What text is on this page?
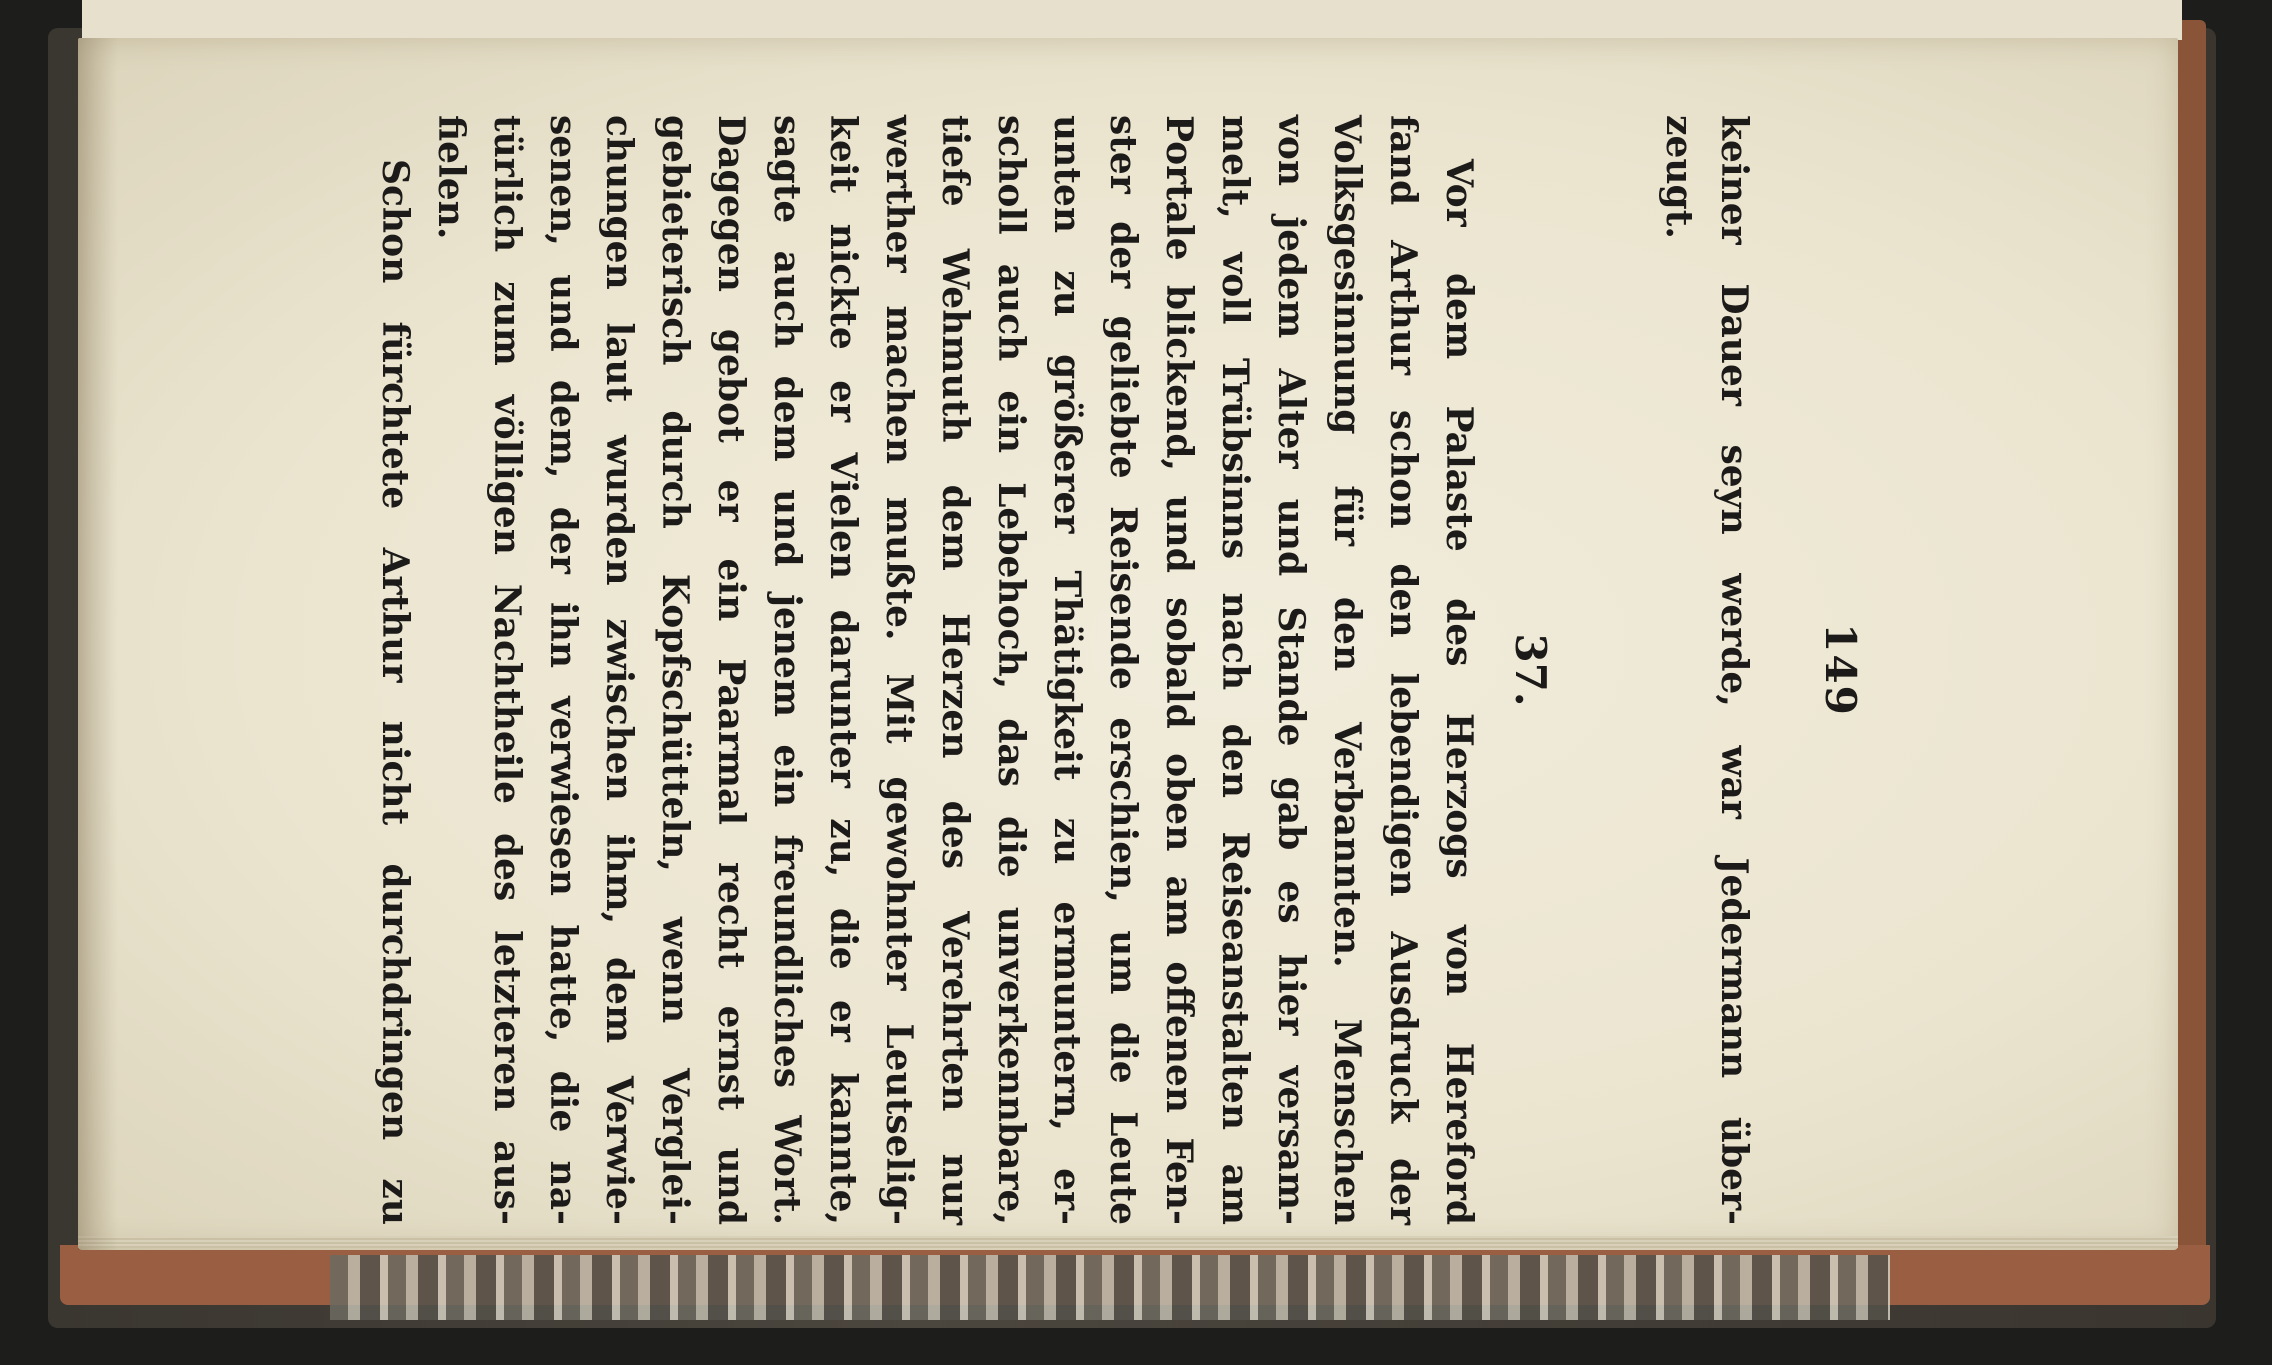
149
keiner Dauer seyn werde, war Jedermann über-
zeugt.
37.
Vor dem Palaste des Herzogs von Hereford
fand Arthur schon den lebendigen Ausdruck der
Volksgesinnung für den Verbannten. Menschen
von jedem Alter und Stande gab es hier versam-
melt, voll Trübsinns nach den Reiseanstalten am
Portale blickend, und sobald oben am offenen Fen-
ster der geliebte Reisende erschien, um die Leute
unten zu größerer Thätigkeit zu ermuntern, er-
scholl auch ein Lebehoch, das die unverkennbare,
tiefe Wehmuth dem Herzen des Verehrten nur
werther machen mußte. Mit gewohnter Leutselig-
keit nickte er Vielen darunter zu, die er kannte,
sagte auch dem und jenem ein freundliches Wort.
Dagegen gebot er ein Paarmal recht ernst und
gebieterisch durch Kopfschütteln, wenn Verglei-
chungen laut wurden zwischen ihm, dem Verwie-
senen, und dem, der ihn verwiesen hatte, die na-
türlich zum völligen Nachtheile des letzteren aus-
fielen.
Schon fürchtete Arthur nicht durchdringen zu
